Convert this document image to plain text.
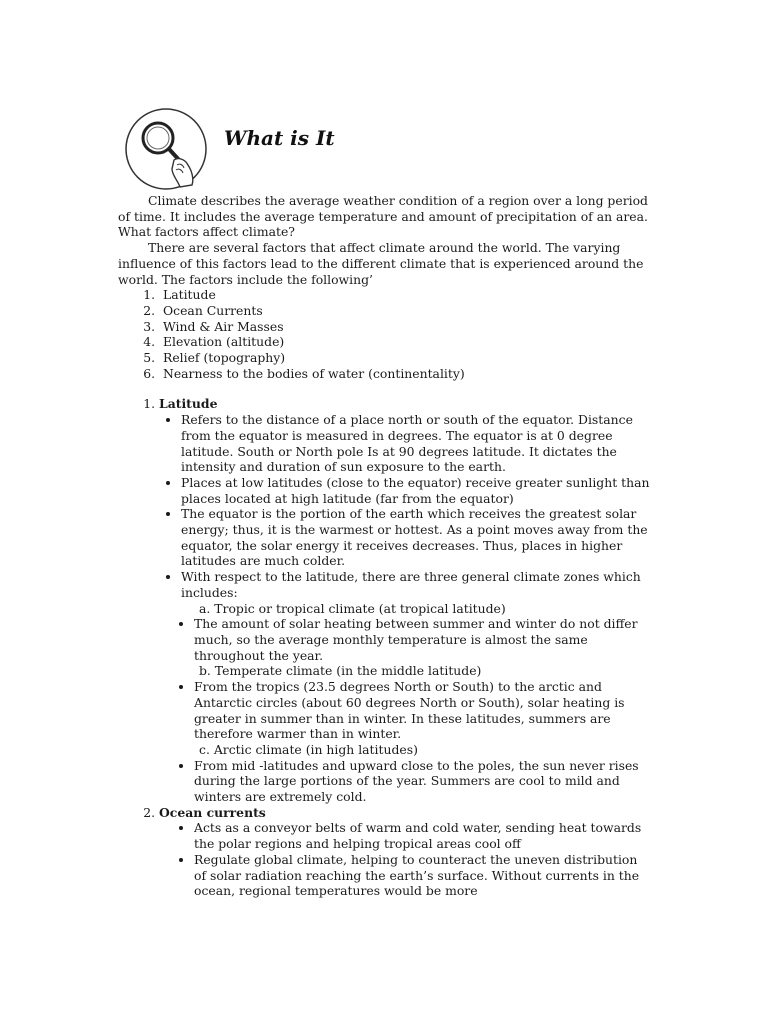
What is It

Climate describes the average weather condition of a region over a long period of time. It includes the average temperature and amount of precipitation of an area.

What factors affect climate?

There are several factors that affect climate around the world. The varying influence of this factors lead to the different climate that is experienced around the world. The factors include the following’

1. Latitude
2. Ocean Currents
3. Wind & Air Masses
4. Elevation (altitude)
5. Relief (topography)
6. Nearness to the bodies of water (continentality)
1. Latitude
• Refers to the distance of a place north or south of the equator. Distance from the equator is measured in degrees. The equator is at 0 degree latitude. South or North pole Is at 90 degrees latitude. It dictates the intensity and duration of sun exposure to the earth.
• Places at low latitudes (close to the equator) receive greater sunlight than places located at high latitude (far from the equator)
• The equator is the portion of the earth which receives the greatest solar energy; thus, it is the warmest or hottest. As a point moves away from the equator, the solar energy it receives decreases. Thus, places in higher latitudes are much colder.
• With respect to the latitude, there are three general climate zones which includes:
a. Tropic or tropical climate (at tropical latitude)
• The amount of solar heating between summer and winter do not differ much, so the average monthly temperature is almost the same throughout the year.
b. Temperate climate (in the middle latitude)
• From the tropics (23.5 degrees North or South) to the arctic and Antarctic circles (about 60 degrees North or South), solar heating is greater in summer than in winter. In these latitudes, summers are therefore warmer than in winter.
c. Arctic climate (in high latitudes)
• From mid -latitudes and upward close to the poles, the sun never rises during the large portions of the year. Summers are cool to mild and winters are extremely cold.
2. Ocean currents
• Acts as a conveyor belts of warm and cold water, sending heat towards the polar regions and helping tropical areas cool off
• Regulate global climate, helping to counteract the uneven distribution of solar radiation reaching the earth’s surface. Without currents in the ocean, regional temperatures would be more
